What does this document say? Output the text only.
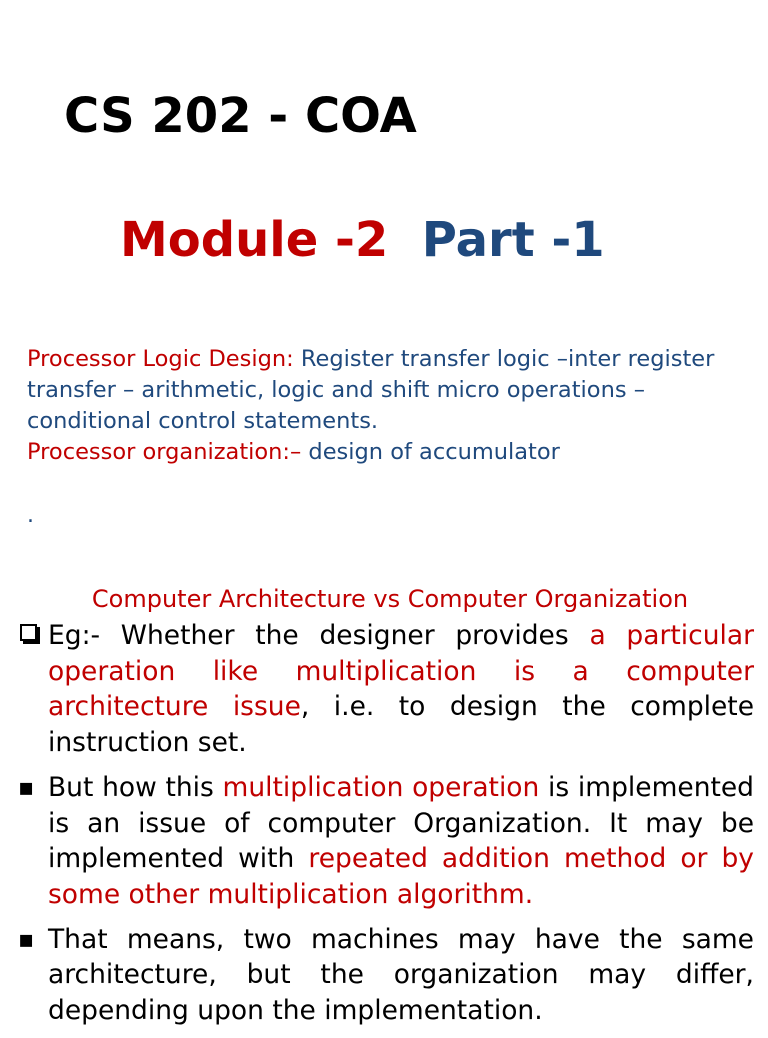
CS 202 - COA
Module -2 Part -1
Processor Logic Design: Register transfer logic –inter register transfer – arithmetic, logic and shift micro operations – conditional control statements.
Processor organization:– design of accumulator
.
Computer Architecture vs Computer Organization
Eg:- Whether the designer provides a particular operation like multiplication is a computer architecture issue, i.e. to design the complete instruction set.
▪ But how this multiplication operation is implemented is an issue of computer Organization. It may be implemented with repeated addition method or by some other multiplication algorithm.
▪ That means, two machines may have the same architecture, but the organization may differ, depending upon the implementation.
